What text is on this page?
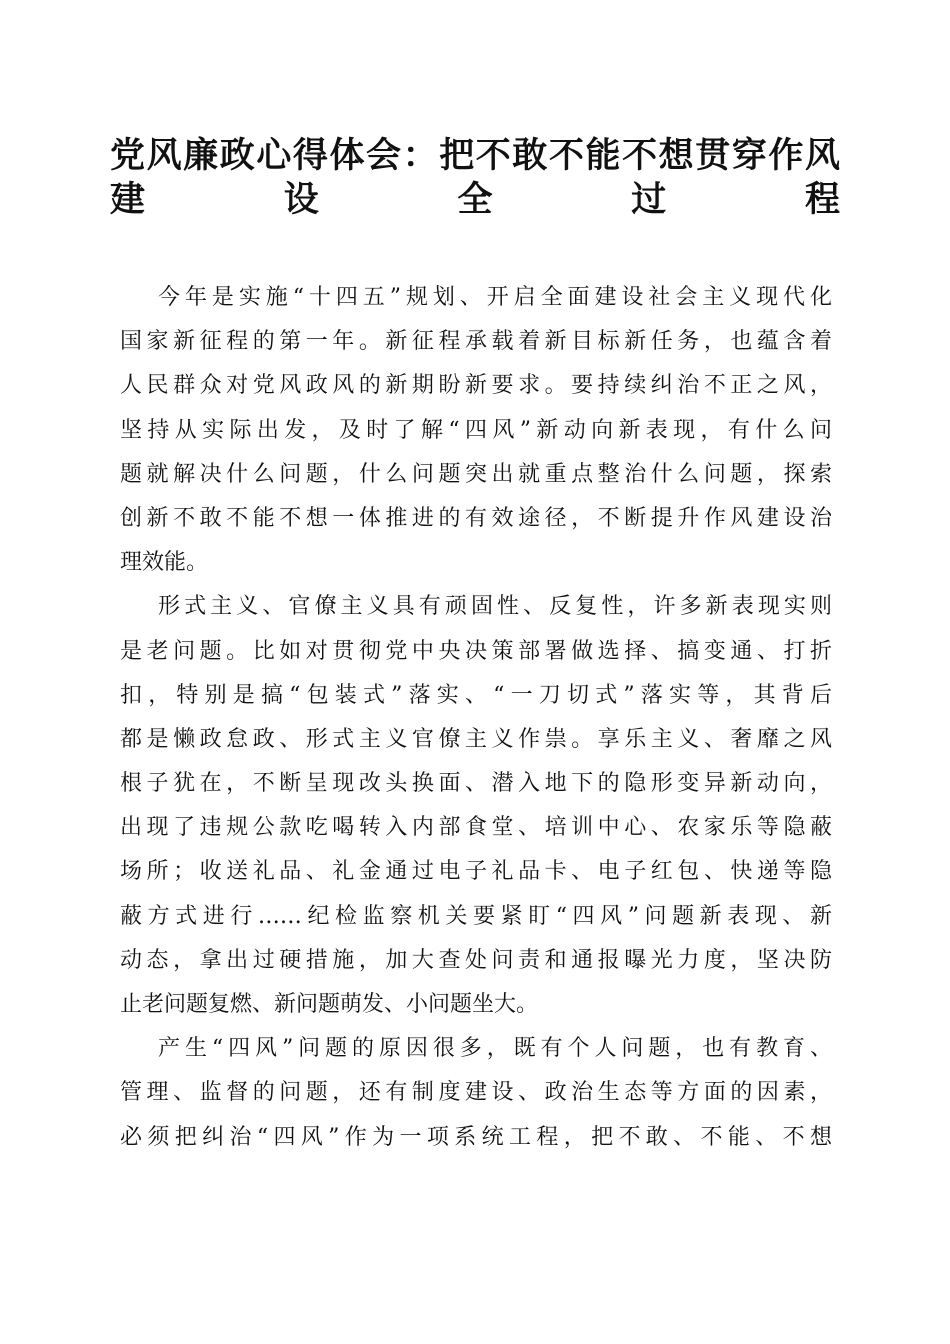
党风廉政心得体会：把不敢不能不想贯穿作风
建设全过程
今年是实施“十四五”规划、开启全面建设社会主义现代化
国家新征程的第一年。新征程承载着新目标新任务，也蕴含着
人民群众对党风政风的新期盼新要求。要持续纠治不正之风，
坚持从实际出发，及时了解“四风”新动向新表现，有什么问
题就解决什么问题，什么问题突出就重点整治什么问题，探索
创新不敢不能不想一体推进的有效途径，不断提升作风建设治
理效能。
形式主义、官僚主义具有顽固性、反复性，许多新表现实则
是老问题。比如对贯彻党中央决策部署做选择、搞变通、打折
扣，特别是搞“包装式”落实、“一刀切式”落实等，其背后
都是懒政怠政、形式主义官僚主义作祟。享乐主义、奢靡之风
根子犹在，不断呈现改头换面、潜入地下的隐形变异新动向，
出现了违规公款吃喝转入内部食堂、培训中心、农家乐等隐蔽
场所；收送礼品、礼金通过电子礼品卡、电子红包、快递等隐
蔽方式进行……纪检监察机关要紧盯“四风”问题新表现、新
动态，拿出过硬措施，加大查处问责和通报曝光力度，坚决防
止老问题复燃、新问题萌发、小问题坐大。
产生“四风”问题的原因很多，既有个人问题，也有教育、
管理、监督的问题，还有制度建设、政治生态等方面的因素，
必须把纠治“四风”作为一项系统工程，把不敢、不能、不想
